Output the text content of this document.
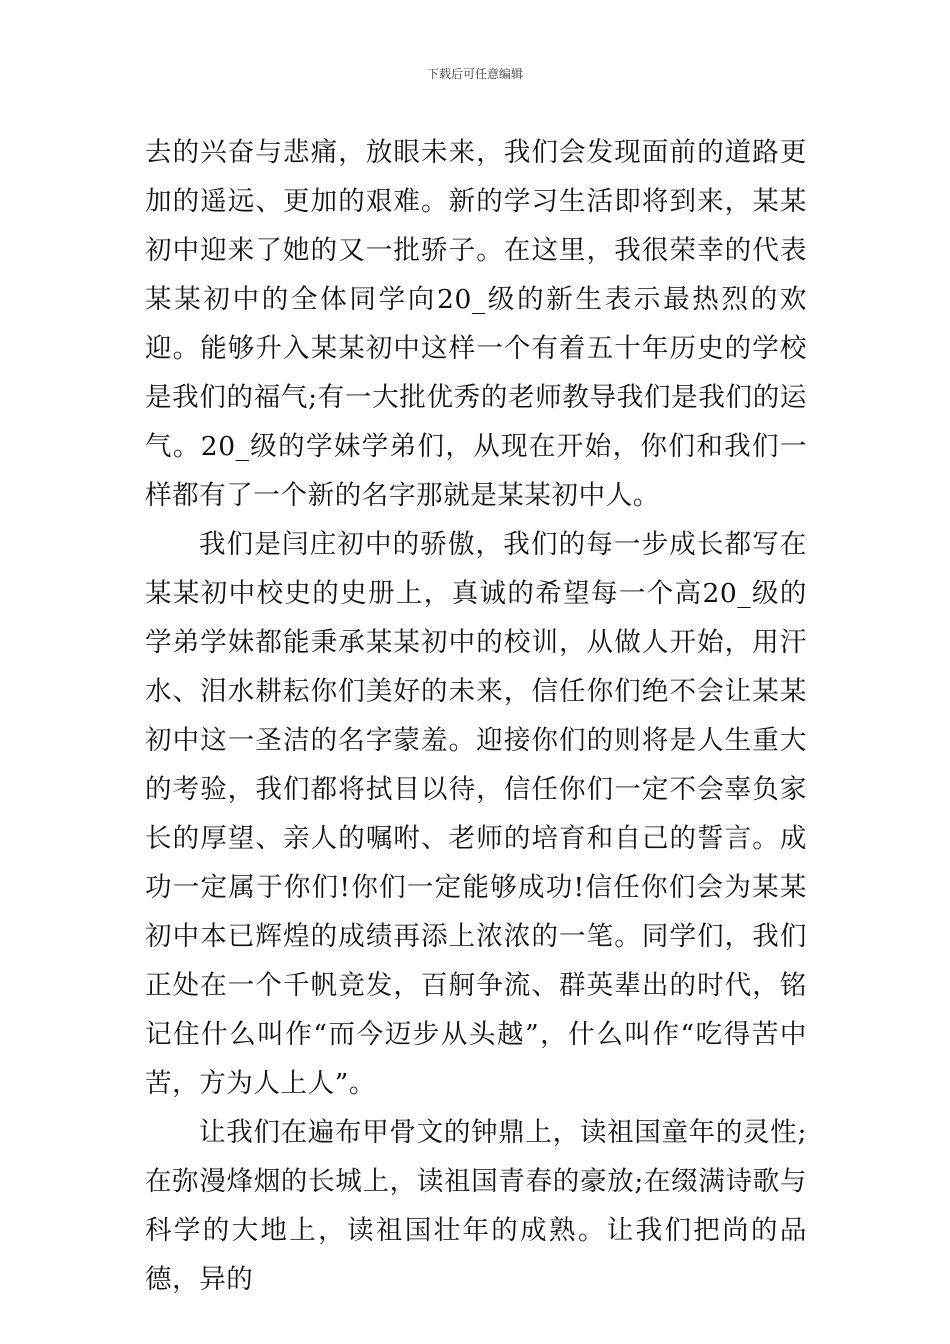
下载后可任意编辑

去的兴奋与悲痛，放眼未来，我们会发现面前的道路更加的遥远、更加的艰难。新的学习生活即将到来，某某初中迎来了她的又一批骄子。在这里，我很荣幸的代表某某初中的全体同学向20_级的新生表示最热烈的欢迎。能够升入某某初中这样一个有着五十年历史的学校是我们的福气;有一大批优秀的老师教导我们是我们的运气。20_级的学妹学弟们，从现在开始，你们和我们一样都有了一个新的名字那就是某某初中人。

我们是闫庄初中的骄傲，我们的每一步成长都写在某某初中校史的史册上，真诚的希望每一个高20_级的学弟学妹都能秉承某某初中的校训，从做人开始，用汗水、泪水耕耘你们美好的未来，信任你们绝不会让某某初中这一圣洁的名字蒙羞。迎接你们的则将是人生重大的考验，我们都将拭目以待，信任你们一定不会辜负家长的厚望、亲人的嘱咐、老师的培育和自己的誓言。成功一定属于你们!你们一定能够成功!信任你们会为某某初中本已辉煌的成绩再添上浓浓的一笔。同学们，我们正处在一个千帆竞发，百舸争流、群英辈出的时代，铭记住什么叫作“而今迈步从头越”，什么叫作“吃得苦中苦，方为人上人”。

让我们在遍布甲骨文的钟鼎上，读祖国童年的灵性;在弥漫烽烟的长城上，读祖国青春的豪放;在缀满诗歌与科学的大地上，读祖国壮年的成熟。让我们把尚的品德，异的
